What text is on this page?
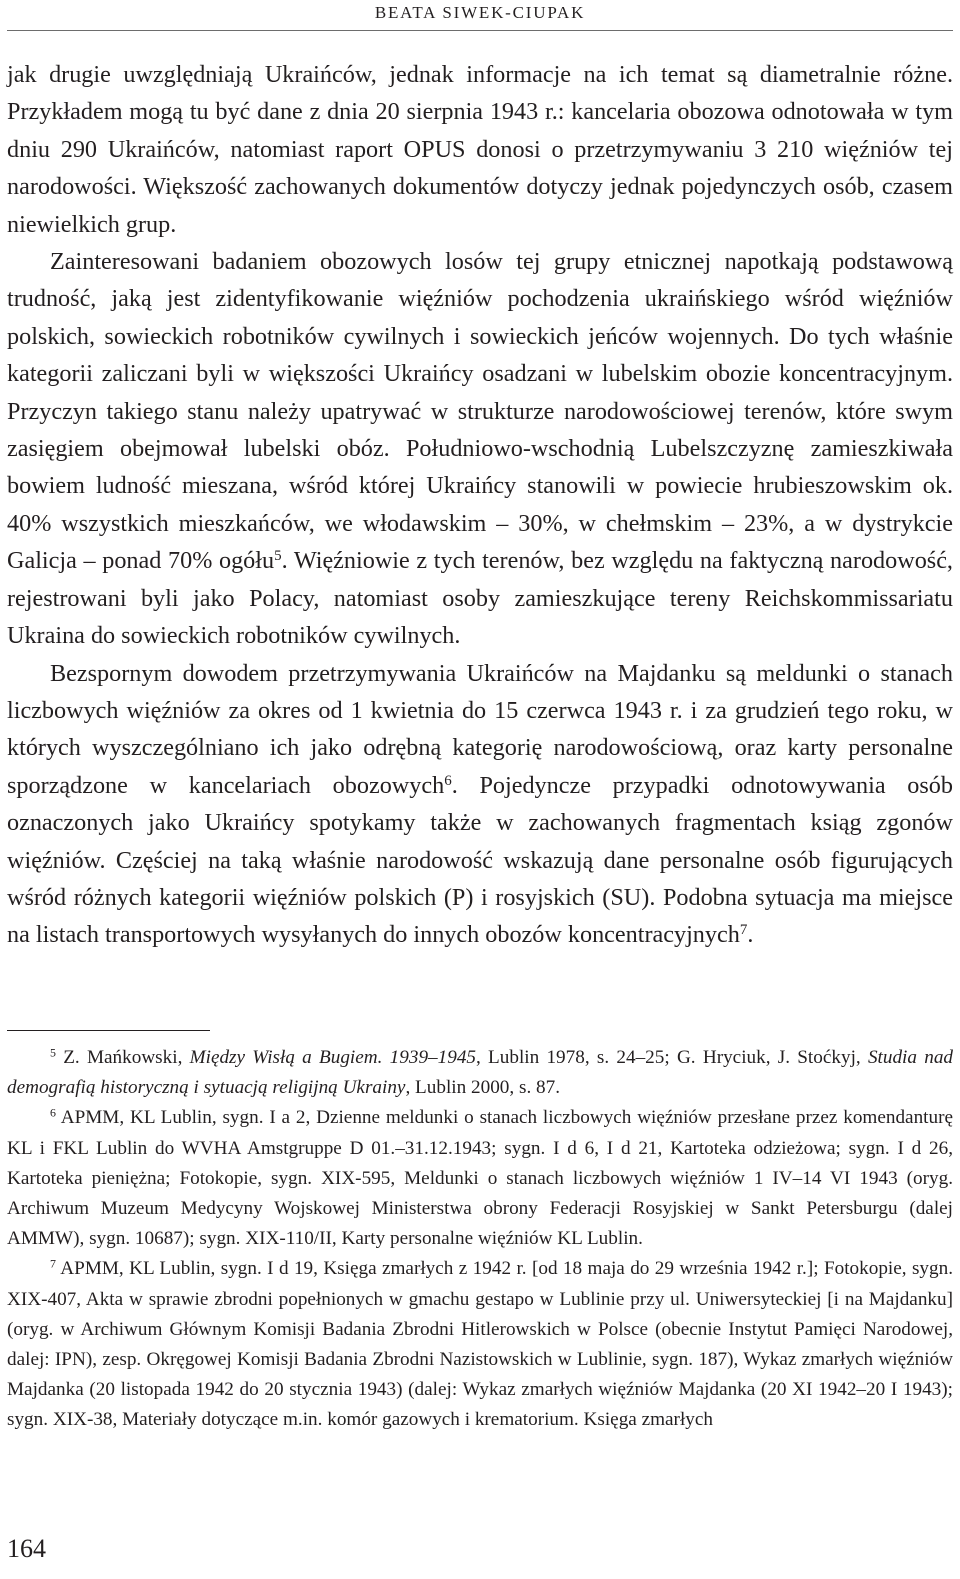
BEATA SIWEK-CIUPAK

jak drugie uwzględniają Ukraińców, jednak informacje na ich temat są diametralnie różne. Przykładem mogą tu być dane z dnia 20 sierpnia 1943 r.: kancelaria obozowa odnotowała w tym dniu 290 Ukraińców, natomiast raport OPUS donosi o przetrzymywaniu 3 210 więźniów tej narodowości. Większość zachowanych dokumentów dotyczy jednak pojedynczych osób, czasem niewielkich grup.

Zainteresowani badaniem obozowych losów tej grupy etnicznej napotkają podstawową trudność, jaką jest zidentyfikowanie więźniów pochodzenia ukraińskiego wśród więźniów polskich, sowieckich robotników cywilnych i sowieckich jeńców wojennych. Do tych właśnie kategorii zaliczani byli w większości Ukraińcy osadzani w lubelskim obozie koncentracyjnym. Przyczyn takiego stanu należy upatrywać w strukturze narodowościowej terenów, które swym zasięgiem obejmował lubelski obóz. Południowo-wschodnią Lubelszczyznę zamieszkiwała bowiem ludność mieszana, wśród której Ukraińcy stanowili w powiecie hrubieszowskim ok. 40% wszystkich mieszkańców, we włodawskim – 30%, w chełmskim – 23%, a w dystrykcie Galicja – ponad 70% ogółu$^5$. Więźniowie z tych terenów, bez względu na faktyczną narodowość, rejestrowani byli jako Polacy, natomiast osoby zamieszkujące tereny Reichskommissariatu Ukraina do sowieckich robotników cywilnych.

Bezspornym dowodem przetrzymywania Ukraińców na Majdanku są meldunki o stanach liczbowych więźniów za okres od 1 kwietnia do 15 czerwca 1943 r. i za grudzień tego roku, w których wyszczególniano ich jako odrębną kategorię narodowościową, oraz karty personalne sporządzone w kancelariach obozowych$^6$. Pojedyncze przypadki odnotowywania osób oznaczonych jako Ukraińcy spotykamy także w zachowanych fragmentach ksiąg zgonów więźniów. Częściej na taką właśnie narodowość wskazują dane personalne osób figurujących wśród różnych kategorii więźniów polskich (P) i rosyjskich (SU). Podobna sytuacja ma miejsce na listach transportowych wysyłanych do innych obozów koncentracyjnych$^7$.

$^5$ Z. Mańkowski, Między Wisłą a Bugiem. 1939–1945, Lublin 1978, s. 24–25; G. Hryciuk, J. Stoćkyj, Studia nad demografią historyczną i sytuacją religijną Ukrainy, Lublin 2000, s. 87.

$^6$ APMM, KL Lublin, sygn. I a 2, Dzienne meldunki o stanach liczbowych więźniów przesłane przez komendanturę KL i FKL Lublin do WVHA Amstgruppe D 01.–31.12.1943; sygn. I d 6, I d 21, Kartoteka odzieżowa; sygn. I d 26, Kartoteka pieniężna; Fotokopie, sygn. XIX-595, Meldunki o stanach liczbowych więźniów 1 IV–14 VI 1943 (oryg. Archiwum Muzeum Medycyny Wojskowej Ministerstwa obrony Federacji Rosyjskiej w Sankt Petersburgu (dalej AMMW), sygn. 10687); sygn. XIX-110/II, Karty personalne więźniów KL Lublin.

$^7$ APMM, KL Lublin, sygn. I d 19, Księga zmarłych z 1942 r. [od 18 maja do 29 września 1942 r.]; Fotokopie, sygn. XIX-407, Akta w sprawie zbrodni popełnionych w gmachu gestapo w Lublinie przy ul. Uniwersyteckiej [i na Majdanku] (oryg. w Archiwum Głównym Komisji Badania Zbrodni Hitlerowskich w Polsce (obecnie Instytut Pamięci Narodowej, dalej: IPN), zesp. Okręgowej Komisji Badania Zbrodni Nazistowskich w Lublinie, sygn. 187), Wykaz zmarłych więźniów Majdanka (20 listopada 1942 do 20 stycznia 1943) (dalej: Wykaz zmarłych więźniów Majdanka (20 XI 1942–20 I 1943); sygn. XIX-38, Materiały dotyczące m.in. komór gazowych i krematorium. Księga zmarłych

164
